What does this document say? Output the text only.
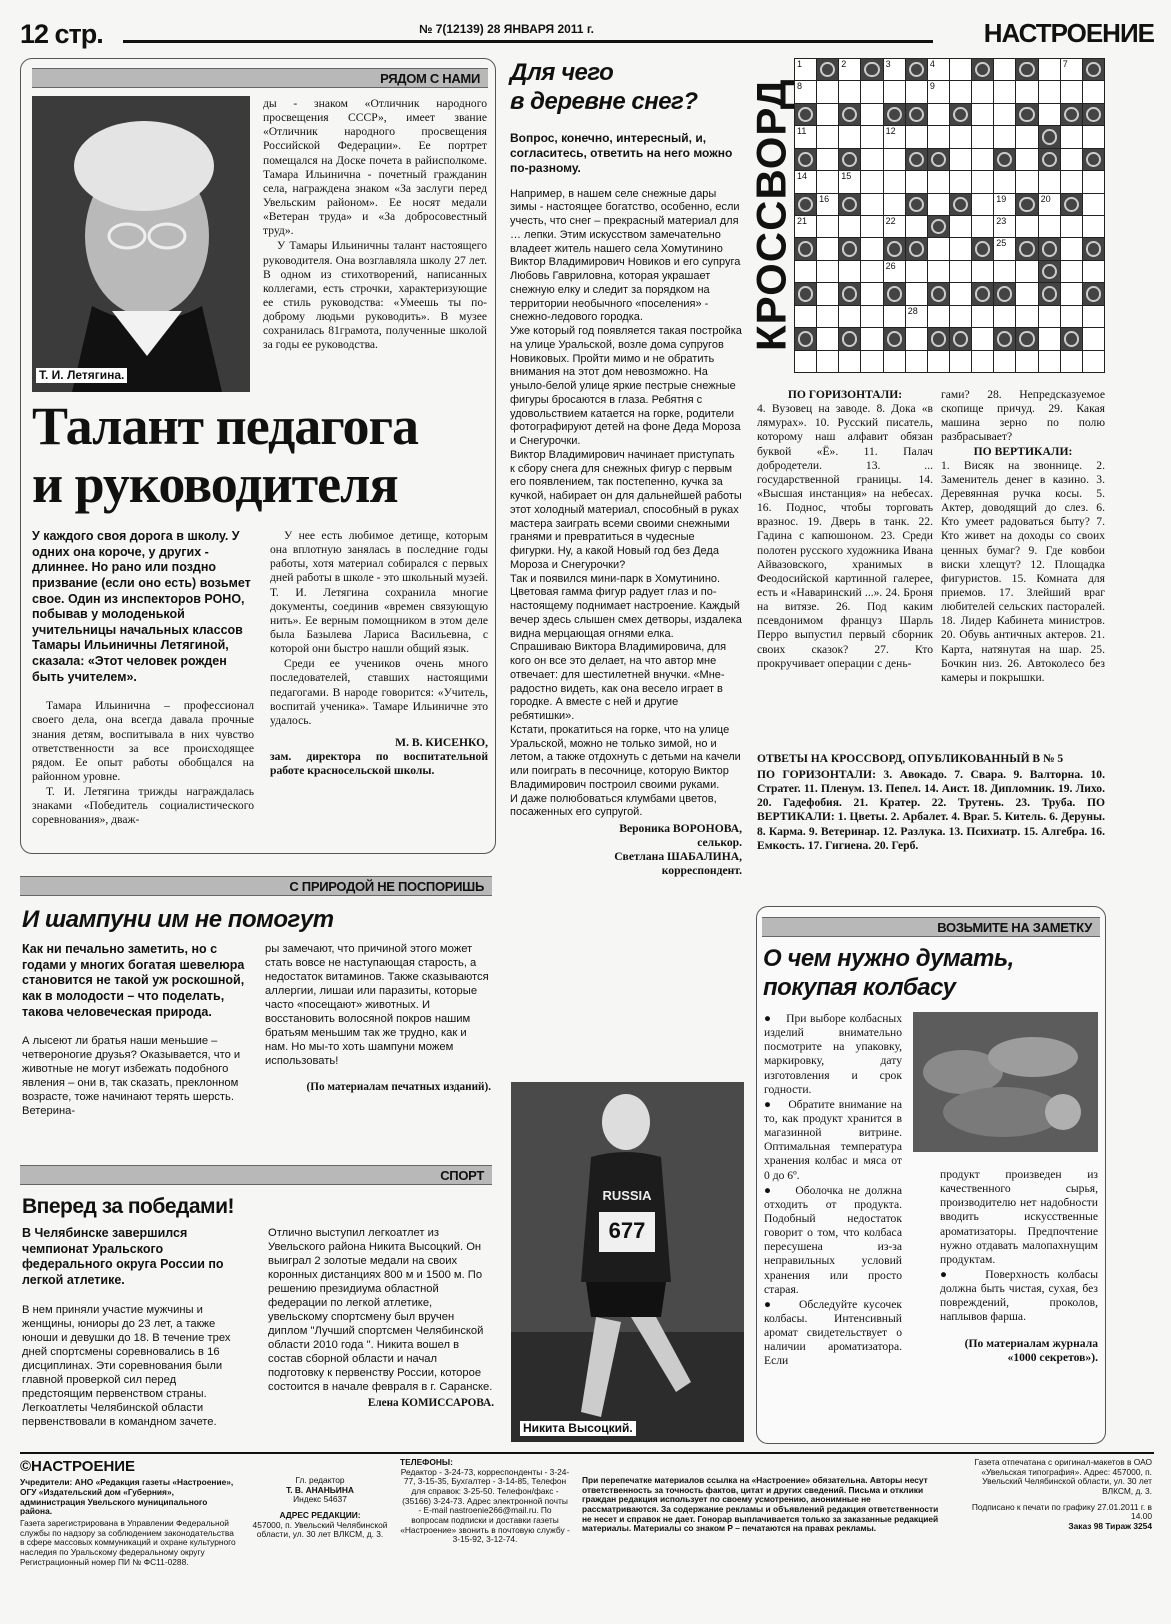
12 стр.	№ 7(12139) 28 ЯНВАРЯ 2011 г.	НАСТРОЕНИЕ
РЯДОМ С НАМИ
Т. И. Летягина.

ды - знаком «Отличник народного просвещения СССР», имеет звание «Отличник народного просвещения Российской Федерации». Ее портрет помещался на Доске почета в райисполкоме. Тамара Ильинична - почетный гражданин села, награждена знаком «За заслуги перед Увельским районом». Ее носят медали «Ветеран труда» и «За добросовестный труд».

У Тамары Ильиничны талант настоящего руководителя. Она возглавляла школу 27 лет. В одном из стихотворений, написанных коллегами, есть строчки, характеризующие ее стиль руководства: «Умеешь ты по-доброму людьми руководить». В музее сохранилась 81грамота, полученные школой за годы ее руководства.

Талант педагога
и руководителя

У каждого своя дорога в школу. У одних она короче, у других - длиннее. Но рано или поздно призвание (если оно есть) возьмет свое. Один из инспекторов РОНО, побывав у молоденькой учительницы начальных классов Тамары Ильиничны Летягиной, сказала: «Этот человек рожден быть учителем».

Тамара Ильинична – профессионал своего дела, она всегда давала прочные знания детям, воспитывала в них чувство ответственности за все происходящее рядом. Ее опыт работы обобщался на районном уровне.

Т. И. Летягина трижды награждалась знаками «Победитель социалистического соревнования», дваж-

У нее есть любимое детище, которым она вплотную занялась в последние годы работы, хотя материал собирался с первых дней работы в школе - это школьный музей. Т. И. Летягина сохранила многие документы, соединив «времен связующую нить». Ее верным помощником в этом деле была Базылева Лариса Васильевна, с которой они быстро нашли общий язык.

Среди ее учеников очень много последователей, ставших настоящими педагогами. В народе говорится: «Учитель, воспитай ученика». Тамаре Ильиничне это удалось.

М. В. КИСЕНКО,

зам. директора по воспитательной работе красносельской школы.

Для чего
в деревне снег?

Вопрос, конечно, интересный, и, согласитесь, ответить на него можно по-разному.

Например, в нашем селе снежные дары зимы - настоящее богатство, особенно, если учесть, что снег – прекрасный материал для … лепки. Этим искусством замечательно владеет житель нашего села Хомутинино Виктор Владимирович Новиков и его супруга Любовь Гавриловна, которая украшает снежную елку и следит за порядком на территории необычного «поселения» - снежно-ледового городка.

Уже который год появляется такая постройка на улице Уральской, возле дома супругов Новиковых. Пройти мимо и не обратить внимания на этот дом невозможно. На унылo-белой улице яркие пестрые снежные фигуры бросаются в глаза. Ребятня с удовольствием катается на горке, родители фотографируют детей на фоне Деда Мороза и Снегурочки.

Виктор Владимирович начинает приступать к сбору снега для снежных фигур с первым его появлением, так постепенно, кучка за кучкой, набирает он для дальнейшей работы этот холодный материал, способный в руках мастера заиграть всеми своими снежными гранями и превратиться в чудесные фигурки. Ну, а какой Новый год без Деда Мороза и Снегурочки?

Так и появился мини-парк в Хомутинино. Цветовая гамма фигур радует глаз и по-настоящему поднимает настроение. Каждый вечер здесь слышен смех детворы, издалека видна мерцающая огнями елка.

Спрашиваю Виктора Владимировича, для кого он все это делает, на что автор мне отвечает: для шестилетней внучки. «Мне-радостно видеть, как она весело играет в городке. А вместе с ней и другие ребятишки».

Кстати, прокатиться на горке, что на улице Уральской, можно не только зимой, но и летом, а также отдохнуть с детьми на качели или поиграть в песочнице, которую Виктор Владимирович построил своими руками.

И даже полюбоваться клумбами цветов, посаженных его супругой.

Вероника ВОРОНОВА,

селькор.

Светлана ШАБАЛИНА,

корреспондент.

RUSSIA
677
Никита Высоцкий.
С ПРИРОДОЙ НЕ ПОСПОРИШЬ
И шампуни им не помогут

Как ни печально заметить, но с годами у многих богатая шевелюра становится не такой уж роскошной, как в молодости – что поделать, такова человеческая природа.

А лысеют ли братья наши меньшие – четвероногие друзья? Оказывается, что и животные не могут избежать подобного явления – они в, так сказать, преклонном возрасте, тоже начинают терять шерсть. Ветерина-

ры замечают, что причиной этого может стать вовсе не наступающая старость, а недостаток витаминов. Также сказываются аллергии, лишаи или паразиты, которые часто «посещают» животных. И восстановить волосяной покров нашим братьям меньшим так же трудно, как и нам. Но мы-то хоть шампуни можем использовать!

(По материалам печатных изданий).

СПОРТ
Вперед за победами!

В Челябинске завершился чемпионат Уральского федерального округа России по легкой атлетике.

В нем приняли участие мужчины и женщины, юниоры до 23 лет, а также юноши и девушки до 18. В течение трех дней спортсмены соревновались в 16 дисциплинах. Эти соревнования были главной проверкой сил перед предстоящим первенством страны. Легкоатлеты Челябинской области первенствовали в командном зачете.

Отлично выступил легкоатлет из Увельского района Никита Высоцкий. Он выиграл 2 золотые медали на своих коронных дистанциях 800 м и 1500 м. По решению президиума областной федерации по легкой атлетике, увельскому спортсмену был вручен диплом "Лучший спортсмен Челябинской области 2010 года ". Никита вошел в состав сборной области и начал подготовку к первенству России, которое состоится в начале февраля в г. Саранске.

Елена КОМИССАРОВА.

КРОССВОРД
1	2	3	4	7
8	9
11	12
14	15
16	19	20
21	22	23
25
26
28
ПО ГОРИЗОНТАЛИ:
4. Вузовец на заводе. 8. Дока «в лямурах». 10. Русский писатель, которому наш алфавит обязан буквой «Ё». 11. Палач добродетели. 13. ... государственной границы. 14. «Высшая инстанция» на небесах. 16. Поднос, чтобы торговать вразнос. 19. Дверь в танк. 22. Гадина с капюшоном. 23. Среди полотен русского художника Ивана Айвазовского, хранимых в Феодосийской картинной галерее, есть и «Наваринский ...». 24. Броня на витязе. 26. Под каким псевдонимом француз Шарль Перро выпустил первый сборник своих сказок? 27. Кто прокручивает операции с день-
гами? 28. Непредсказуемое скопище причуд. 29. Какая машина зерно по полю разбрасывает?
ПО ВЕРТИКАЛИ:
1. Висяк на звоннице. 2. Заменитель денег в казино. 3. Деревянная ручка косы. 5. Актер, доводящий до слез. 6. Кто умеет радоваться быту? 7. Кто живет на доходы со своих ценных бумаг? 9. Где ковбои виски хлещут? 12. Площадка фигуристов. 15. Комната для приемов. 17. Злейший враг любителей сельских пасторалей. 18. Лидер Кабинета министров. 20. Обувь античных актеров. 21. Карта, натянутая на шар. 25. Бочкин низ. 26. Автоколесо без камеры и покрышки.

ОТВЕТЫ НА КРОССВОРД, ОПУБЛИКОВАННЫЙ В № 5

ПО ГОРИЗОНТАЛИ: 3. Авокадо. 7. Свара. 9. Валторна. 10. Стратег. 11. Пленум. 13. Пепел. 14. Аист. 18. Дипломник. 19. Лихо. 20. Гадефобия. 21. Кратер. 22. Трутень. 23. Труба. ПО ВЕРТИКАЛИ: 1. Цветы. 2. Арбалет. 4. Враг. 5. Китель. 6. Деруны. 8. Карма. 9. Ветеринар. 12. Разлука. 13. Психиатр. 15. Алгебра. 16. Емкость. 17. Гигиена. 20. Герб.

ВОЗЬМИТЕ НА ЗАМЕТКУ
О чем нужно думать,
покупая колбасу

●    При выборе колбасных изделий внимательно посмотрите на упаковку, маркировку, дату изготовления и срок годности.

●    Обратите внимание на то, как продукт хранится в магазинной витрине. Оптимальная температура хранения колбас и мяса от 0 до 6º.

●    Оболочка не должна отходить от продукта. Подобный недостаток говорит о том, что колбаса пересушена из-за неправильных условий хранения или просто старая.

●    Обследуйте кусочек колбасы. Интенсивный аромат свидетельствует о наличии ароматизатора. Если

продукт произведен из качественного сырья, производителю нет надобности вводить искусственные ароматизаторы. Предпочтение нужно отдавать малопахнущим продуктам.

●    Поверхность колбасы должна быть чистая, сухая, без повреждений, проколов, наплывов фарша.

(По материалам журнала «1000 секретов»).

©НАСТРОЕНИЕ

Учредители: АНО «Редакция газеты «Настроение», ОГУ «Издательский дом «Губерния», администрация Увельского муниципального района.

Газета зарегистрирована в Управлении Федеральной службы по надзору за соблюдением законодательства в сфере массовых коммуникаций и охране культурного наследия по Уральскому федеральному округу

Регистрационный номер ПИ № ФС11-0288.

Гл. редактор

Т. В. АНАНЬИНА

Индекс 54637

АДРЕС РЕДАКЦИИ:

457000, п. Увельский Челябинской области, ул. 30 лет ВЛКСМ, д. 3.

ТЕЛЕФОНЫ:

Редактор - 3-24-73, корреспонденты - 3-24-77, 3-15-35, Бухгалтер - 3-14-85, Телефон для справок: 3-25-50. Телефон/факс - (35166) 3-24-73. Адрес электронной почты - E-mail nastroenie266@mail.ru. По вопросам подписки и доставки газеты «Настроение» звонить в почтовую службу - 3-15-92, 3-12-74.

При перепечатке материалов ссылка на «Настроение» обязательна. Авторы несут ответственность за точность фактов, цитат и других сведений. Письма и отклики граждан редакция использует по своему усмотрению, анонимные не рассматриваются. За содержание рекламы и объявлений редакция ответственности не несет и справок не дает. Гонорар выплачивается только за заказанные редакцией материалы. Материалы со знаком Р – печатаются на правах рекламы.

Газета отпечатана с оригинал-макетов в ОАО «Увельская типография». Адрес: 457000, п. Увельский Челябинской области, ул. 30 лет ВЛКСМ, д. 3.

Подписано к печати по графику 27.01.2011 г. в 14.00

Заказ 98 Тираж 3254
